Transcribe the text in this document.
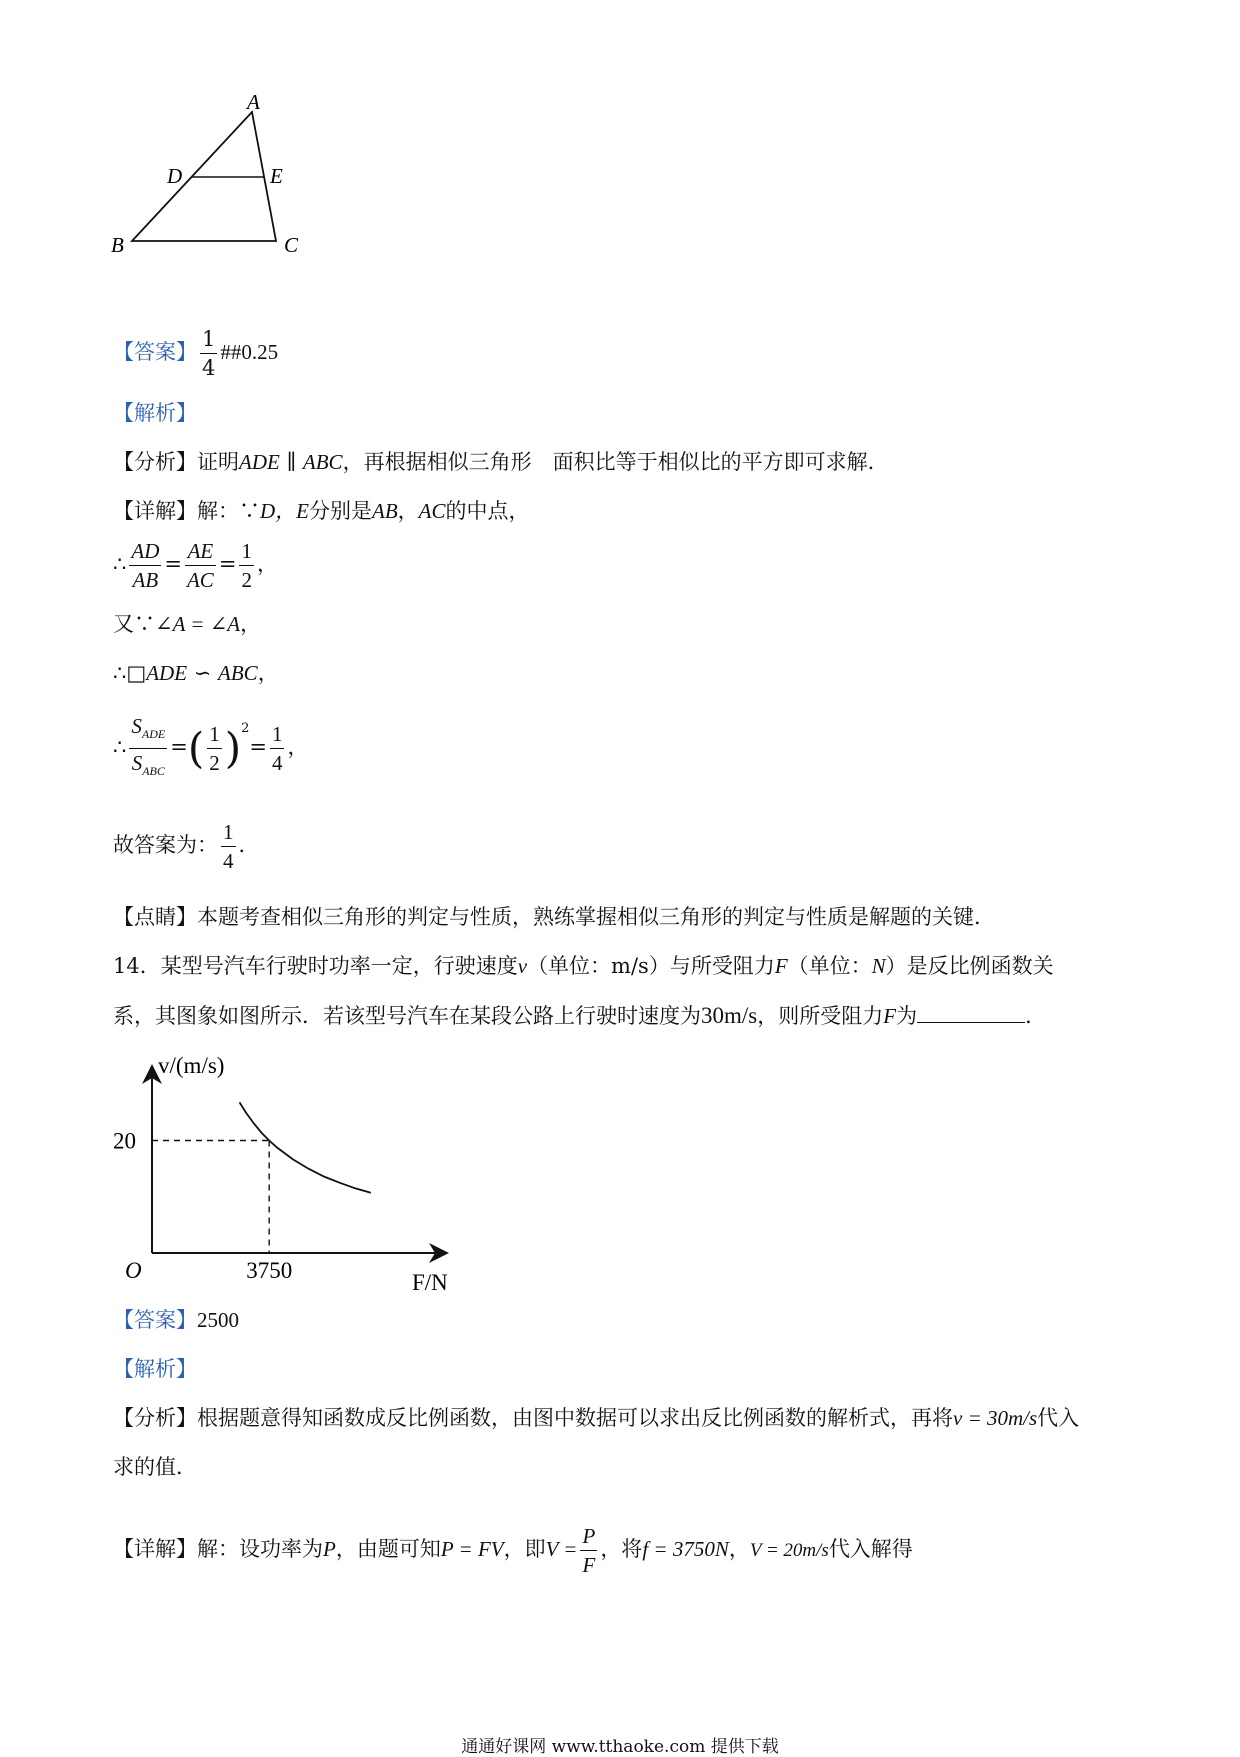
A
D	E
B	C
【答案】 $\frac{1}{4}$ ##0.25
【解析】
【分析】证明ADE ∥ ABC，再根据相似三角形　面积比等于相似比的平方即可求解．
【详解】解：∵D，E分别是AB，AC的中点，
∴ $\frac{AD}{AB} = \frac{AE}{AC} = \frac{1}{2}$ ，
又∵∠A = ∠A，
∴□ADE ∽ ABC，
∴ $\frac{S_{ADE}}{S_{ABC}}$ =( $\frac{1}{2} )^2= \frac{1}{4}$ ，
故答案为： $\frac{1}{4}$ ．
【点睛】本题考查相似三角形的判定与性质，熟练掌握相似三角形的判定与性质是解题的关键．
14．某型号汽车行驶时功率一定，行驶速度v（单位：m/s）与所受阻力F（单位：N）是反比例函数关
系，其图象如图所示．若该型号汽车在某段公路上行驶时速度为30m/s，则所受阻力F为	．
v/(m/s)
F/N
O
20
3750
【答案】2500
【解析】
【分析】根据题意得知函数成反比例函数，由图中数据可以求出反比例函数的解析式，再将v = 30m/s代入
求的值．
【详解】解：设功率为P，由题可知P = FV，即$V = \frac{P}{F}$ ，将f = 3750N，V = 20m/s代入解得
通通好课网 www.tthaoke.com 提供下载
